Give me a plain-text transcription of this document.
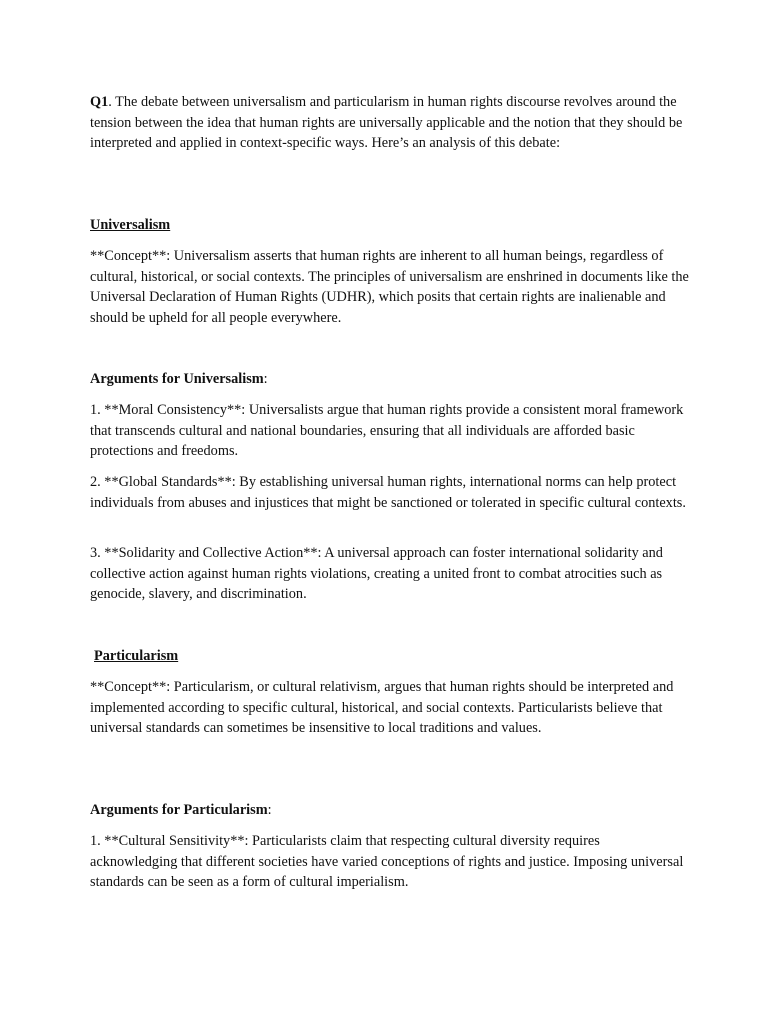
Q1. The debate between universalism and particularism in human rights discourse revolves around the tension between the idea that human rights are universally applicable and the notion that they should be interpreted and applied in context-specific ways. Here’s an analysis of this debate:

Universalism

**Concept**: Universalism asserts that human rights are inherent to all human beings, regardless of cultural, historical, or social contexts. The principles of universalism are enshrined in documents like the Universal Declaration of Human Rights (UDHR), which posits that certain rights are inalienable and should be upheld for all people everywhere.

Arguments for Universalism:

1. **Moral Consistency**: Universalists argue that human rights provide a consistent moral framework that transcends cultural and national boundaries, ensuring that all individuals are afforded basic protections and freedoms.

2. **Global Standards**: By establishing universal human rights, international norms can help protect individuals from abuses and injustices that might be sanctioned or tolerated in specific cultural contexts.

3. **Solidarity and Collective Action**: A universal approach can foster international solidarity and collective action against human rights violations, creating a united front to combat atrocities such as genocide, slavery, and discrimination.

Particularism

**Concept**: Particularism, or cultural relativism, argues that human rights should be interpreted and implemented according to specific cultural, historical, and social contexts. Particularists believe that universal standards can sometimes be insensitive to local traditions and values.

Arguments for Particularism:

1. **Cultural Sensitivity**: Particularists claim that respecting cultural diversity requires acknowledging that different societies have varied conceptions of rights and justice. Imposing universal standards can be seen as a form of cultural imperialism.
